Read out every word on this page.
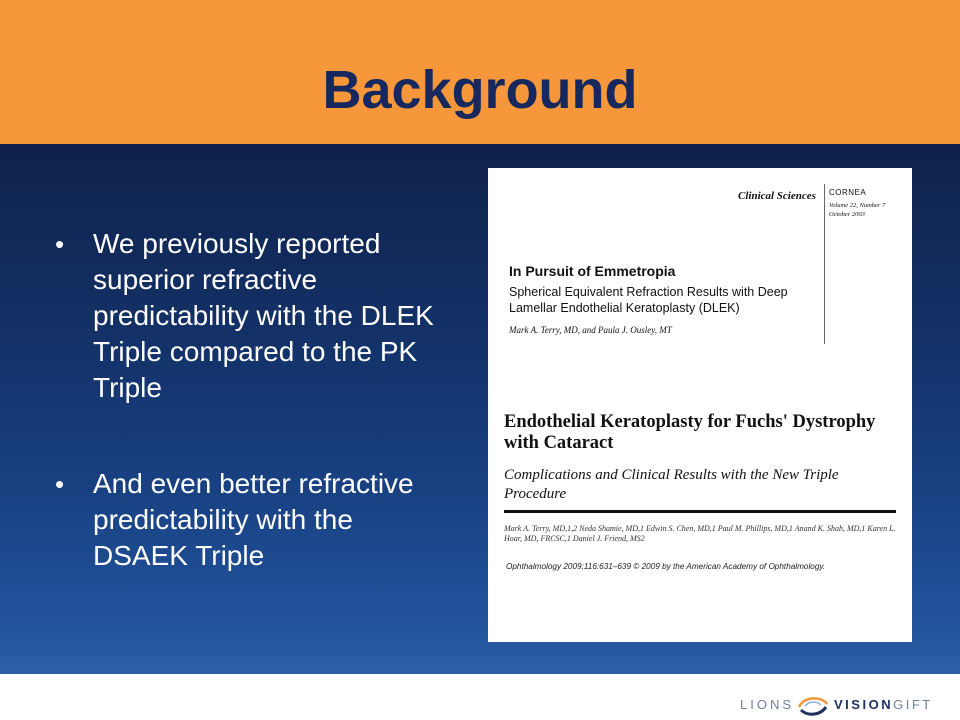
Background
• We previously reported superior refractive predictability with the DLEK Triple compared to the PK Triple
• And even better refractive predictability with the DSAEK Triple
Clinical Sciences CORNEA
Volume 22, Number 7
October 2003
In Pursuit of Emmetropia
Spherical Equivalent Refraction Results with Deep Lamellar Endothelial Keratoplasty (DLEK)
Mark A. Terry, MD, and Paula J. Ousley, MT
Endothelial Keratoplasty for Fuchs' Dystrophy with Cataract
Complications and Clinical Results with the New Triple Procedure
Mark A. Terry, MD,1,2 Neda Shamie, MD,1 Edwin S. Chen, MD,1 Paul M. Phillips, MD,1 Anand K. Shah, MD,1 Karen L. Hoar, MD, FRCSC,1 Daniel J. Friend, MS2
Ophthalmology 2009;116:631–639 © 2009 by the American Academy of Ophthalmology.
LIONS	VISION GIFT
